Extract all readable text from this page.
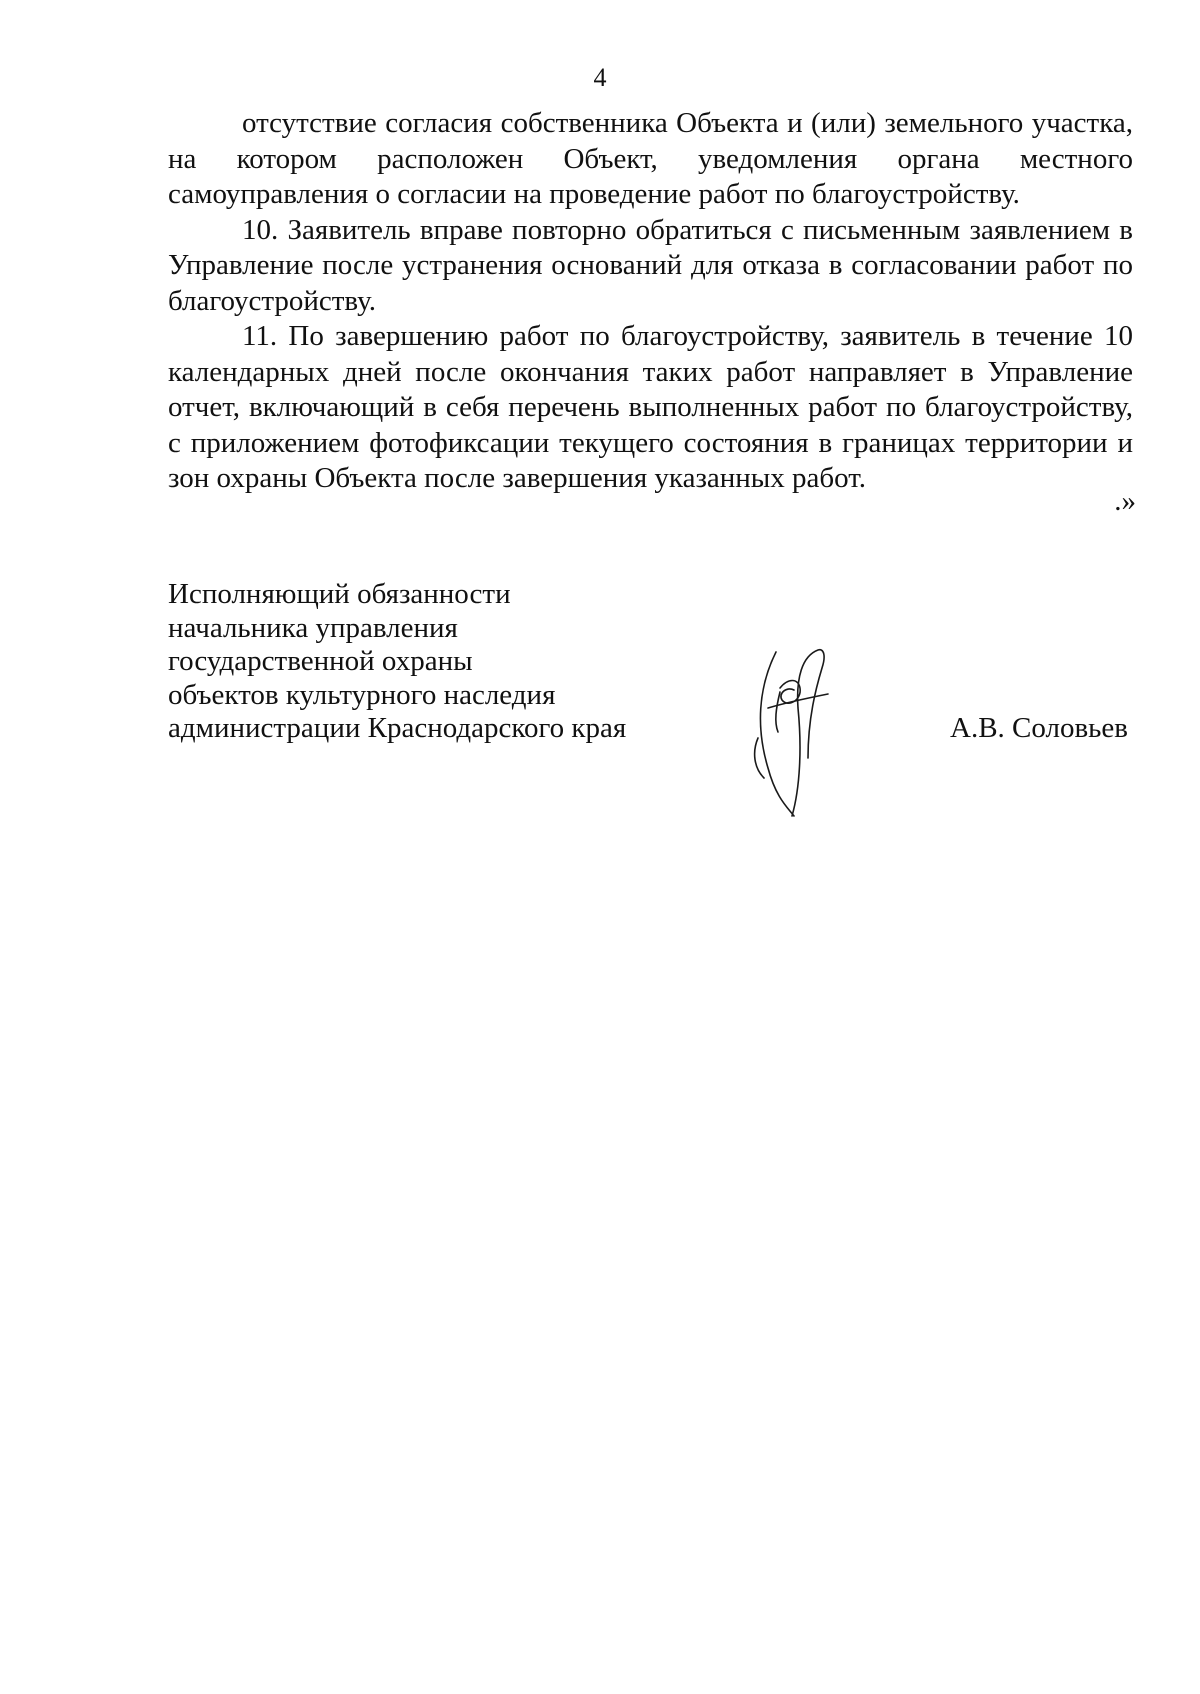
4

отсутствие согласия собственника Объекта и (или) земельного участка, на котором расположен Объект, уведомления органа местного самоуправления о согласии на проведение работ по благоустройству.

10. Заявитель вправе повторно обратиться с письменным заявлением в Управление после устранения оснований для отказа в согласовании работ по благоустройству.

11. По завершению работ по благоустройству, заявитель в течение 10 календарных дней после окончания таких работ направляет в Управление отчет, включающий в себя перечень выполненных работ по благоустройству, с приложением фотофиксации текущего состояния в границах территории и зон охраны Объекта после завершения указанных работ.

.»
Исполняющий обязанности
начальника управления
государственной охраны
объектов культурного наследия
администрации Краснодарского края	А.В. Соловьев
